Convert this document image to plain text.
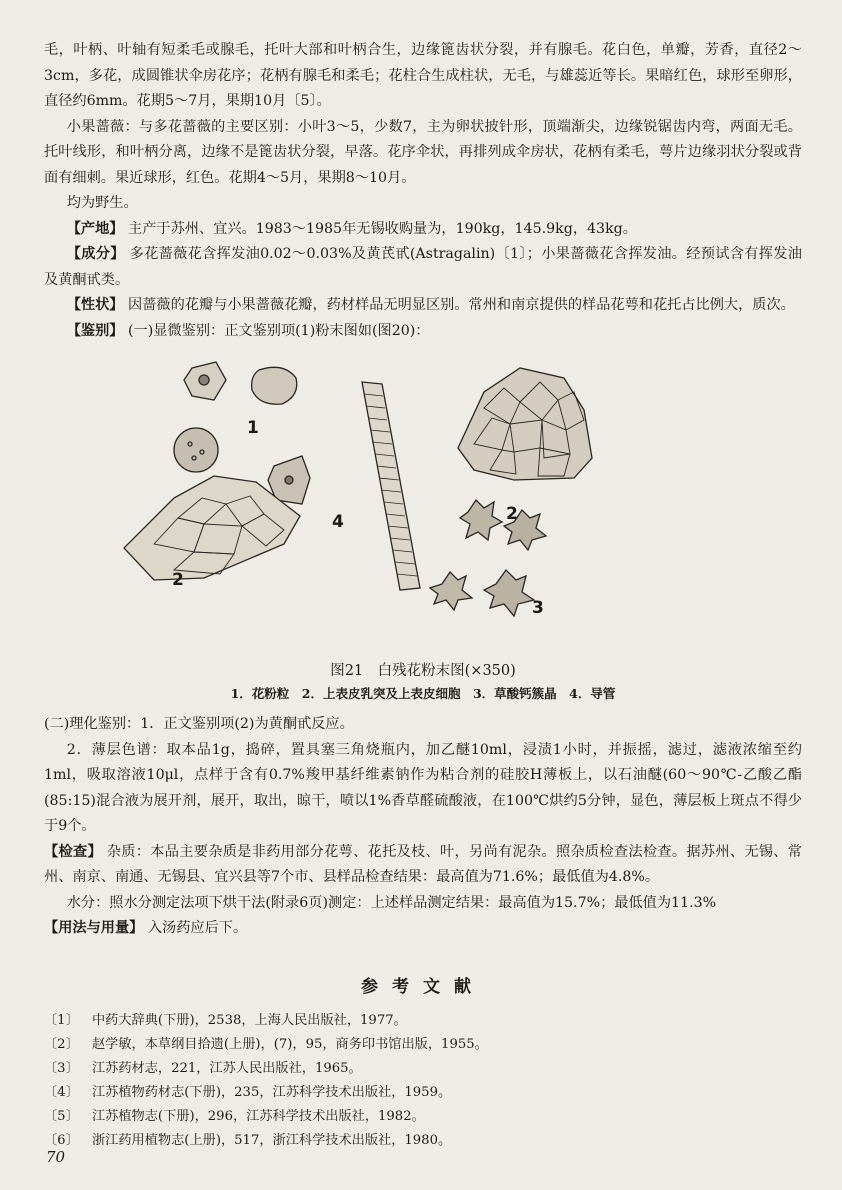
毛，叶柄、叶轴有短柔毛或腺毛，托叶大部和叶柄合生，边缘篦齿状分裂，并有腺毛。花白色，单瓣，芳香，直径2～3cm，多花，成圆锥状伞房花序；花柄有腺毛和柔毛；花柱合生成柱状，无毛，与雄蕊近等长。果暗红色，球形至卵形，直径约6mm。花期5～7月，果期10月〔5〕。

小果蔷薇：与多花蔷薇的主要区别：小叶3～5，少数7，主为卵状披针形，顶端渐尖，边缘锐锯齿内弯，两面无毛。托叶线形，和叶柄分离，边缘不是篦齿状分裂，早落。花序伞状，再排列成伞房状，花柄有柔毛，萼片边缘羽状分裂或背面有细刺。果近球形，红色。花期4～5月，果期8～10月。

均为野生。

【产地】 主产于苏州、宜兴。1983～1985年无锡收购量为，190kg，145.9kg，43kg。

【成分】 多花蔷薇花含挥发油0.02～0.03%及黄芪甙(Astragalin)〔1〕；小果蔷薇花含挥发油。经预试含有挥发油及黄酮甙类。

【性状】 因蔷薇的花瓣与小果蔷薇花瓣，药材样品无明显区别。常州和南京提供的样品花萼和花托占比例大，质次。

【鉴别】 (一)显微鉴别：正文鉴别项(1)粉末图如(图20)：

1
2
3
4
2

图21　白残花粉末图(×350)

1．花粉粒　2．上表皮乳突及上表皮细胞　3．草酸钙簇晶　4．导管

(二)理化鉴别：1．正文鉴别项(2)为黄酮甙反应。

2．薄层色谱：取本品1g，捣碎，置具塞三角烧瓶内，加乙醚10ml，浸渍1小时，并振摇，滤过，滤液浓缩至约1ml，吸取溶液10μl，点样于含有0.7%羧甲基纤维素钠作为粘合剂的硅胶H薄板上，以石油醚(60～90℃-乙酸乙酯(85:15)混合液为展开剂，展开，取出，晾干，喷以1%香草醛硫酸液，在100℃烘约5分钟，显色，薄层板上斑点不得少于9个。

【检查】 杂质：本品主要杂质是非药用部分花萼、花托及枝、叶，另尚有泥杂。照杂质检查法检查。据苏州、无锡、常州、南京、南通、无锡县、宜兴县等7个市、县样品检查结果：最高值为71.6%；最低值为4.8%。

水分：照水分测定法项下烘干法(附录6页)测定：上述样品测定结果：最高值为15.7%；最低值为11.3%

【用法与用量】 入汤药应后下。

参考文献

〔1〕	中药大辞典(下册)，2538，上海人民出版社，1977。

〔2〕	赵学敏，本草纲目拾遗(上册)，(7)，95，商务印书馆出版，1955。

〔3〕	江苏药材志，221，江苏人民出版社，1965。

〔4〕	江苏植物药材志(下册)，235，江苏科学技术出版社，1959。

〔5〕	江苏植物志(下册)，296，江苏科学技术出版社，1982。

〔6〕	浙江药用植物志(上册)，517，浙江科学技术出版社，1980。

70
